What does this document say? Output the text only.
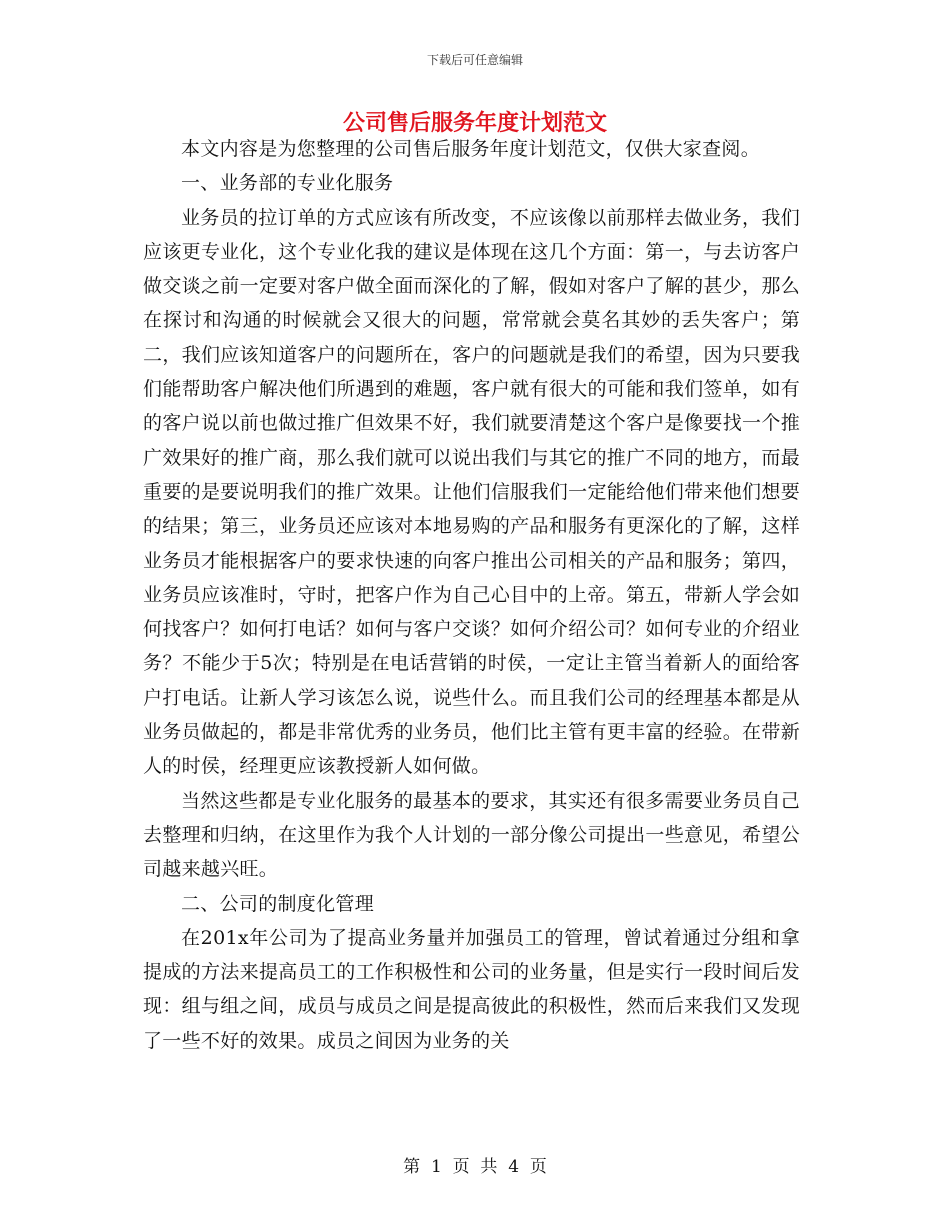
下载后可任意编辑
公司售后服务年度计划范文

本文内容是为您整理的公司售后服务年度计划范文，仅供大家查阅。

一、业务部的专业化服务

业务员的拉订单的方式应该有所改变，不应该像以前那样去做业务，我们应该更专业化，这个专业化我的建议是体现在这几个方面：第一，与去访客户做交谈之前一定要对客户做全面而深化的了解，假如对客户了解的甚少，那么在探讨和沟通的时候就会又很大的问题，常常就会莫名其妙的丢失客户；第二，我们应该知道客户的问题所在，客户的问题就是我们的希望，因为只要我们能帮助客户解决他们所遇到的难题，客户就有很大的可能和我们签单，如有的客户说以前也做过推广但效果不好，我们就要清楚这个客户是像要找一个推广效果好的推广商，那么我们就可以说出我们与其它的推广不同的地方，而最重要的是要说明我们的推广效果。让他们信服我们一定能给他们带来他们想要的结果；第三，业务员还应该对本地易购的产品和服务有更深化的了解，这样业务员才能根据客户的要求快速的向客户推出公司相关的产品和服务；第四，业务员应该准时，守时，把客户作为自己心目中的上帝。第五，带新人学会如何找客户？如何打电话？如何与客户交谈？如何介绍公司？如何专业的介绍业务？不能少于5次；特别是在电话营销的时侯，一定让主管当着新人的面给客户打电话。让新人学习该怎么说，说些什么。而且我们公司的经理基本都是从业务员做起的，都是非常优秀的业务员，他们比主管有更丰富的经验。在带新人的时侯，经理更应该教授新人如何做。

当然这些都是专业化服务的最基本的要求，其实还有很多需要业务员自己去整理和归纳，在这里作为我个人计划的一部分像公司提出一些意见，希望公司越来越兴旺。

二、公司的制度化管理

在201x年公司为了提高业务量并加强员工的管理，曾试着通过分组和拿提成的方法来提高员工的工作积极性和公司的业务量，但是实行一段时间后发现：组与组之间，成员与成员之间是提高彼此的积极性，然而后来我们又发现了一些不好的效果。成员之间因为业务的关

第  1  页  共  4  页
